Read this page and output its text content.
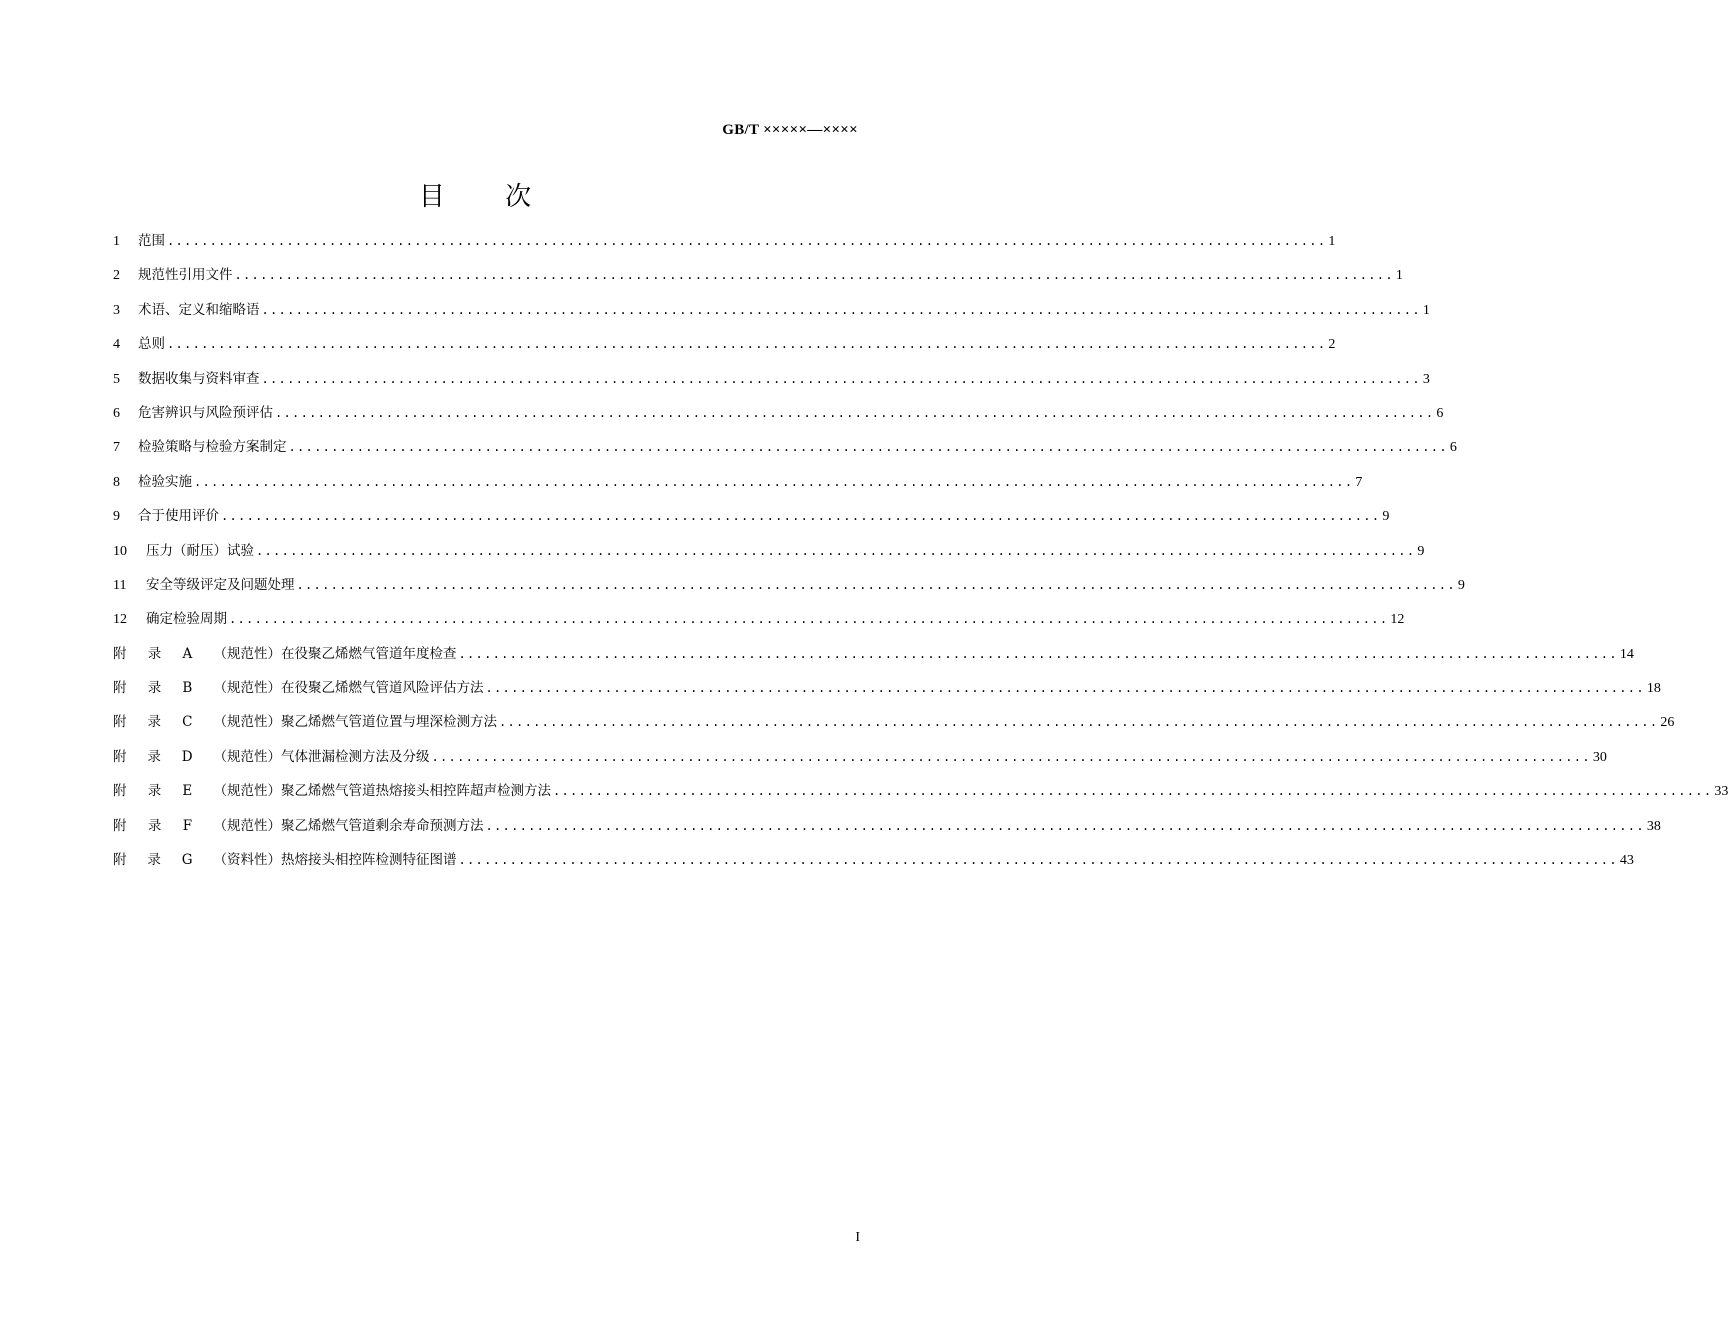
GB/T ×××××—××××
目 次
1	范围 ........................................................................................................................................ 1
2	规范性引用文件 ........................................................................................................................................ 1
3	术语、定义和缩略语 ........................................................................................................................................ 1
4	总则 ........................................................................................................................................ 2
5	数据收集与资料审查 ........................................................................................................................................ 3
6	危害辨识与风险预评估 ........................................................................................................................................ 6
7	检验策略与检验方案制定 ........................................................................................................................................ 6
8	检验实施 ........................................................................................................................................ 7
9	合于使用评价 ........................................................................................................................................ 9
10	压力（耐压）试验 ........................................................................................................................................ 9
11	安全等级评定及问题处理 ........................................................................................................................................ 9
12	确定检验周期 ........................................................................................................................................ 12
附 录 A （规范性） 在役聚乙烯燃气管道年度检查 ........................................................................................................................................ 14
附 录 B （规范性） 在役聚乙烯燃气管道风险评估方法 ........................................................................................................................................ 18
附 录 C （规范性） 聚乙烯燃气管道位置与埋深检测方法 ........................................................................................................................................ 26
附 录 D （规范性） 气体泄漏检测方法及分级 ........................................................................................................................................ 30
附 录 E （规范性） 聚乙烯燃气管道热熔接头相控阵超声检测方法 ........................................................................................................................................ 33
附 录 F （规范性） 聚乙烯燃气管道剩余寿命预测方法 ........................................................................................................................................ 38
附 录 G （资料性） 热熔接头相控阵检测特征图谱 ........................................................................................................................................ 43
I
